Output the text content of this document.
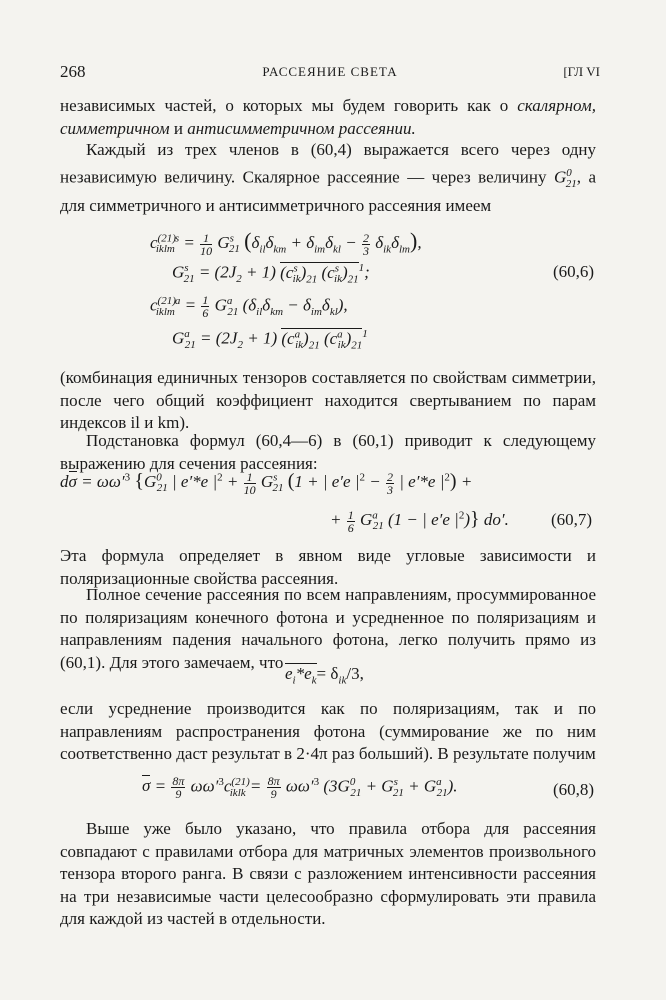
268	РАССЕЯНИЕ СВЕТА	[ГЛ VI
независимых частей, о которых мы будем говорить как о скалярном, симметричном и антисимметричном рассеянии.
Каждый из трех членов в (60,4) выражается всего через одну независимую величину. Скалярное рассеяние — через величину $G^0_{21}$, а для симметричного и антисимметричного рассеяния имеем
$c^{(21)}_{iklm}^s = \frac{1}{10} G^s_{21}$ $(\delta_{il}\delta_{km} + \delta_{im}\delta_{kl} - \frac{2}{3} \delta_{ik}\delta_{lm})$,
$G^s_{21} = (2J_2 + 1)$ $(c^s_{ik})_{21}$ $(c^s_{ik})_{21}^1$;	(60,6)
$c^{(21)}_{iklm}^a = \frac{1}{6} G^a_{21}$ $(\delta_{il}\delta_{km} - \delta_{im}\delta_{kl})$,
$G^a_{21} = (2J_2 + 1)$ $(c^a_{ik})_{21}$ $(c^a_{ik})_{21}^1$
(комбинация единичных тензоров составляется по свойствам симметрии, после чего общий коэффициент находится свертыванием по парам индексов il и km).
Подстановка формул (60,4—6) в (60,1) приводит к следующему выражению для сечения рассеяния:
$d\sigma = \omega\omega'^3$ {$G^0_{21}$ | e′*e $|^2 + \frac{1}{10} G^s_{21}$ (1 + | e′e $|^2 - \frac{2}{3}$ | e′*e $|^2$) +
+ $\frac{1}{6} G^a_{21}$ (1 − | e′e $|^2$)} do′. (60,7)
Эта формула определяет в явном виде угловые зависимости и поляризационные свойства рассеяния.
Полное сечение рассеяния по всем направлениям, просуммированное по поляризациям конечного фотона и усредненное по поляризациям и направлениям падения начального фотона, легко получить прямо из (60,1). Для этого замечаем, что
$e_i*e_k= \delta_{ik}/3$,
если усреднение производится как по поляризациям, так и по направлениям распространения фотона (суммирование же по ним соответственно даст результат в 2·4π раз больший). В результате получим
$\sigma = \frac{8\pi}{9} \omega\omega'^3c^{(21)}_{iklk} = \frac{8\pi}{9} \omega\omega'^3$ $(3G^0_{21} + G^s_{21} + G^a_{21})$.	(60,8)
Выше уже было указано, что правила отбора для рассеяния совпадают с правилами отбора для матричных элементов произвольного тензора второго ранга. В связи с разложением интенсивности рассеяния на три независимые части целесообразно сформулировать эти правила для каждой из частей в отдельности.
